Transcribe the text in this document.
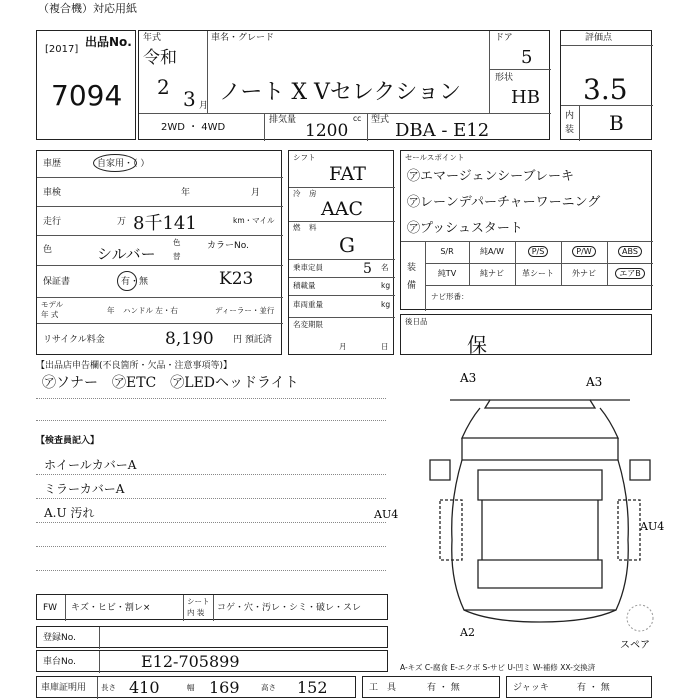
（複合機）対応用紙
出品No.
[2017]
7094
年式
令和
2 3 月
車名・グレード
ノート X Vセレクション
ドア
5
形状
HB
2WD ・ 4WD
排気量	cc
1200
型式 DBA - E12
評価点
3.5
内
装 B
車歴	自家用・（ ）
車検	年	月
走行	万 8千141	km・マイル
色	シルバー
色
替
カラーNo.
保証書	有・無	K23
モデル
年 式	年 ハンドル 左・右	ディーラー・並行
リサイクル料金	8,190 円 預託済
シフト
FAT
冷 房
AAC
燃 料
G
乗車定員	5 名
積載量	kg
車両重量	kg
名変期限
月	日
セールスポイント
㋐エマージェンシーブレーキ
㋐レーンデパーチャーワーニング
㋐プッシュスタート
装
備
S/R	純A/W	P/S	P/W	ABS
純TV	純ナビ	革シート	外ナビ	エアB
ナビ形番：
後日品
保
【出品店申告欄(不良箇所・欠品・注意事項等)】
㋐ソナー　㋐ETC　㋐LEDヘッドライト
【検査員記入】
ホイールカバーA
ミラーカバーA
A.U 汚れ
A3	A3
AU4
AU4
A2
スペア
FW キズ・ヒビ・割レ×
シート
内 装 コゲ・穴・汚レ・シミ・破レ・スレ
登録No.
車台No.	E12-705899	A-キズ C-腐食 E-エクボ S-サビ U-凹ミ W-補修 XX-交換済
車庫証明用 長さ 410	幅 169	高さ 152	工　具	有 ・ 無	ジャッキ	有 ・ 無
